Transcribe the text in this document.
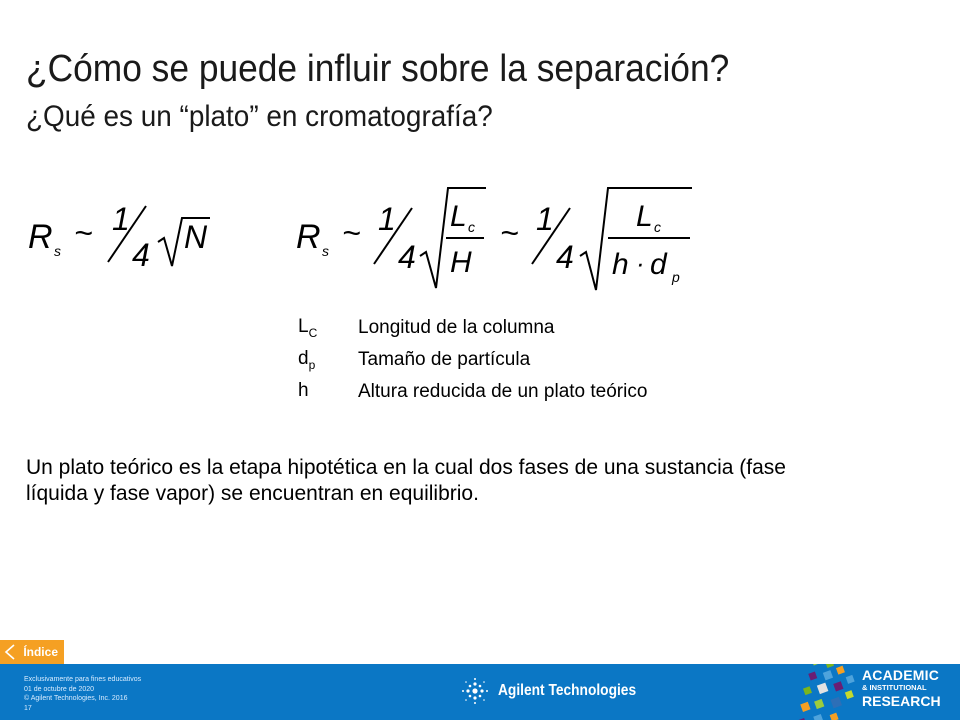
¿Cómo se puede influir sobre la separación?
¿Qué es un “plato” en cromatografía?
R s ~ 1
4 N	R s ~ 1
4
L c
H
~ 1
4
L c
h · d p
$L_C$	Longitud de la columna
$d_p$	Tamaño de partícula
h	Altura reducida de un plato teórico

Un plato teórico es la etapa hipotética en la cual dos fases de una sustancia (fase líquida y fase vapor) se encuentran en equilibrio.

Índice
Exclusivamente para fines educativos
01 de octubre de 2020
© Agilent Technologies, Inc. 2016
17
Agilent Technologies
ACADEMIC
& INSTITUTIONAL
RESEARCH
